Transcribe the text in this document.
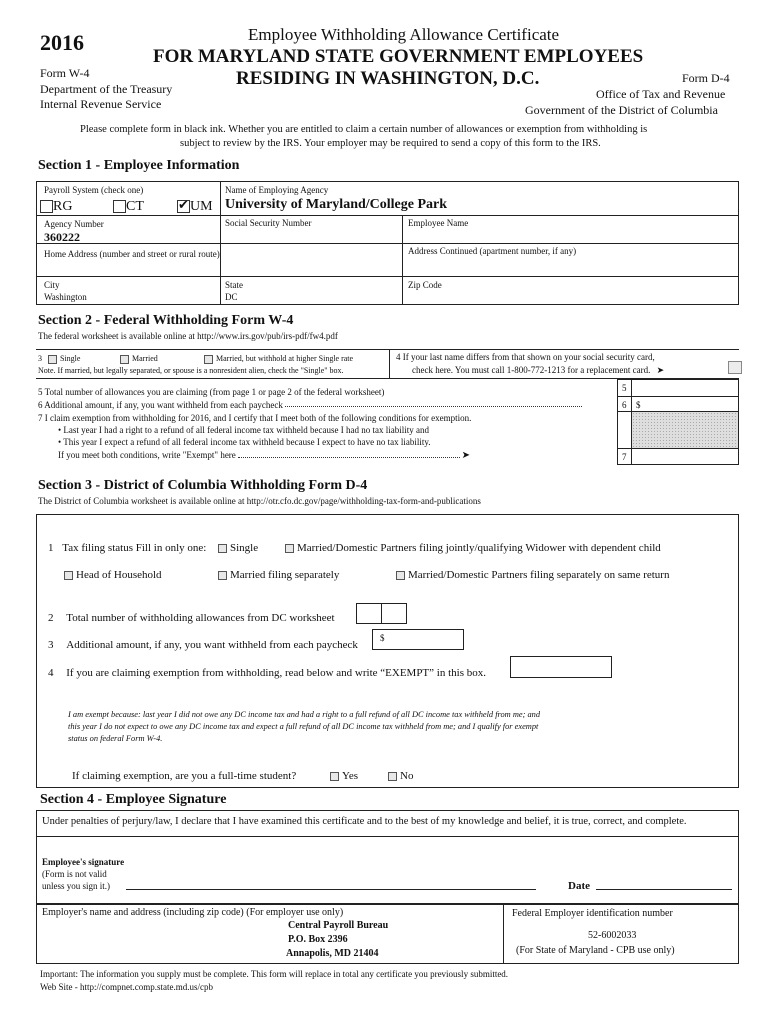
2016
Form W-4
Department of the Treasury
Internal Revenue Service
Employee Withholding Allowance Certificate
FOR MARYLAND STATE GOVERNMENT EMPLOYEES
RESIDING IN WASHINGTON, D.C.	Form D-4
Office of Tax and Revenue
Government of the District of Columbia
Please complete form in black ink. Whether you are entitled to claim a certain number of allowances or exemption from withholding is
subject to review by the IRS. Your employer may be required to send a copy of this form to the IRS.
Section 1 - Employee Information
Payroll System (check one)
RG	CT
✔	UM
Name of Employing Agency
University of Maryland/College Park
Agency Number
360222
Social Security Number	Employee Name
Home Address (number and street or rural route)	Address Continued (apartment number, if any)
City
Washington
State
DC
Zip Code
Section 2 - Federal Withholding Form W-4
The federal worksheet is available online at http://www.irs.gov/pub/irs-pdf/fw4.pdf
3 Single	Married	Married, but withhold at higher Single rate
Note. If married, but legally separated, or spouse is a nonresident alien, check the "Single" box.
4 If your last name differs from that shown on your social security card,
check here. You must call 1-800-772-1213 for a replacement card. ➤
5 Total number of allowances you are claiming (from page 1 or page 2 of the federal worksheet)
6 Additional amount, if any, you want withheld from each paycheck
7 I claim exemption from withholding for 2016, and I certify that I meet both of the following conditions for exemption.
• Last year I had a right to a refund of all federal income tax withheld because I had no tax liability and
• This year I expect a refund of all federal income tax withheld because I expect to have no tax liability.
If you meet both conditions, write "Exempt" here	➤
5
6 $
7
Section 3 - District of Columbia Withholding Form D-4
The District of Columbia worksheet is available online at http://otr.cfo.dc.gov/page/withholding-tax-form-and-publications
1 Tax filing status Fill in only one:	Single	Married/Domestic Partners filing jointly/qualifying Widower with dependent child
Head of Household	Married filing separately	Married/Domestic Partners filing separately on same return
2 Total number of withholding allowances from DC worksheet
3 Additional amount, if any, you want withheld from each paycheck
$
4 If you are claiming exemption from withholding, read below and write “EXEMPT” in this box.
I am exempt because: last year I did not owe any DC income tax and had a right to a full refund of all DC income tax withheld from me; and
this year I do not expect to owe any DC income tax and expect a full refund of all DC income tax withheld from me; and I qualify for exempt
status on federal Form W-4.
If claiming exemption, are you a full-time student?	Yes	No
Section 4 - Employee Signature
Under penalties of perjury/law, I declare that I have examined this certificate and to the best of my knowledge and belief, it is true, correct, and complete.
Employee's signature
(Form is not valid
unless you sign it.)	Date
Employer's name and address (including zip code) (For employer use only)
Central Payroll Bureau
P.O. Box 2396
Annapolis, MD 21404
Federal Employer identification number
52-6002033
(For State of Maryland - CPB use only)
Important: The information you supply must be complete. This form will replace in total any certificate you previously submitted.
Web Site - http://compnet.comp.state.md.us/cpb
